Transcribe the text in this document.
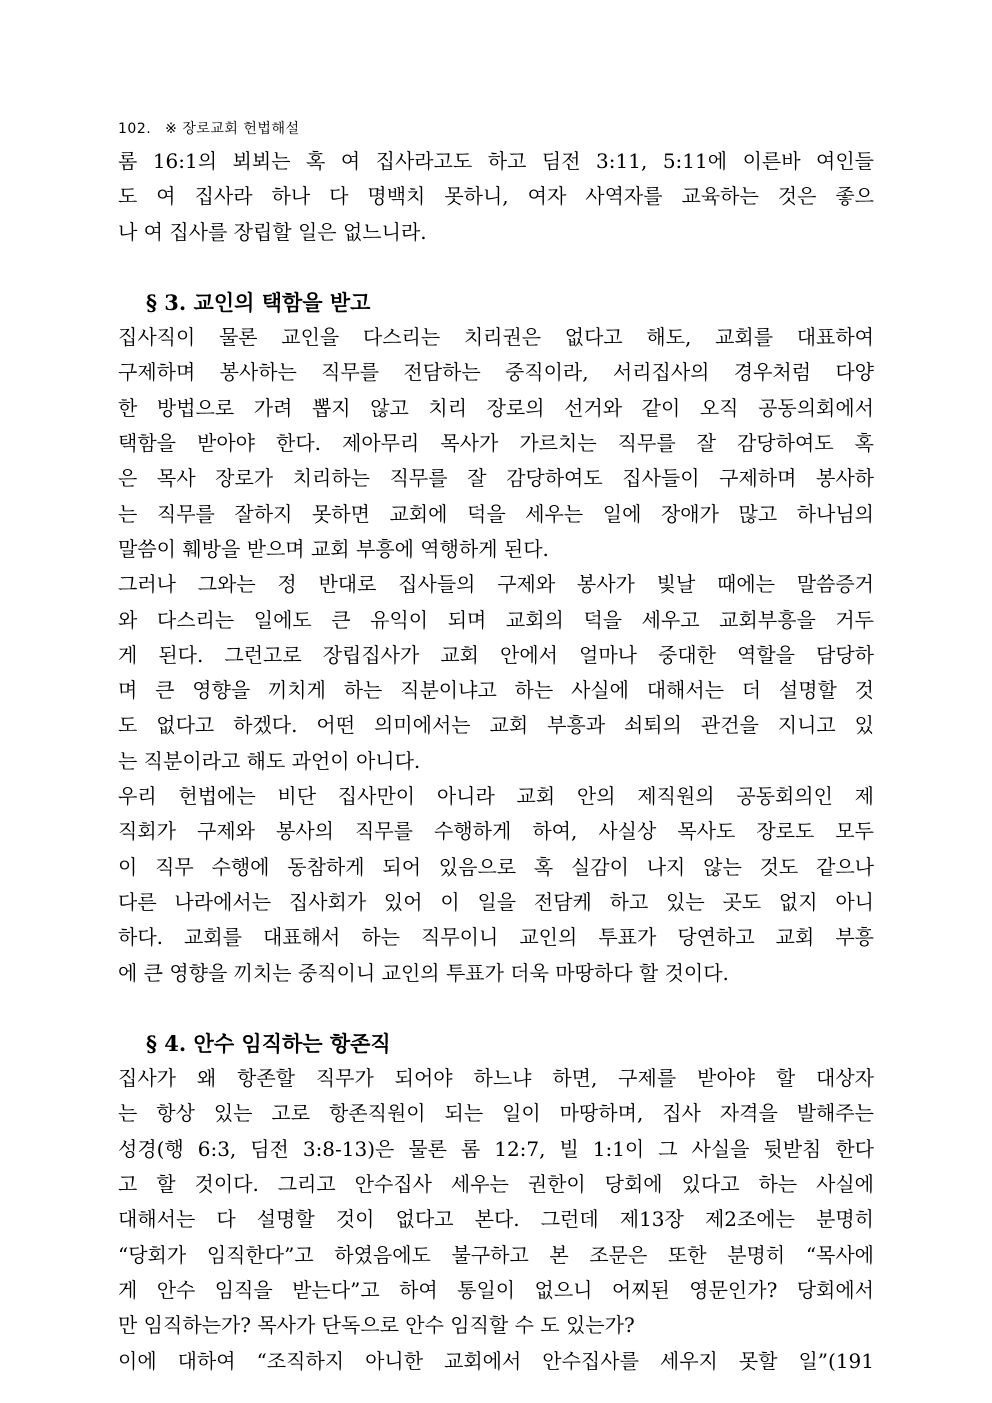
102. ※ 장로교회 헌법해설

롬 16:1의 뵈뵈는 혹 여 집사라고도 하고 딤전 3:11, 5:11에 이른바 여인들

도 여 집사라 하나 다 명백치 못하니, 여자 사역자를 교육하는 것은 좋으

나 여 집사를 장립할 일은 없느니라.

§ 3. 교인의 택함을 받고

집사직이 물론 교인을 다스리는 치리권은 없다고 해도, 교회를 대표하여

구제하며 봉사하는 직무를 전담하는 중직이라, 서리집사의 경우처럼 다양

한 방법으로 가려 뽑지 않고 치리 장로의 선거와 같이 오직 공동의회에서

택함을 받아야 한다. 제아무리 목사가 가르치는 직무를 잘 감당하여도 혹

은 목사 장로가 치리하는 직무를 잘 감당하여도 집사들이 구제하며 봉사하

는 직무를 잘하지 못하면 교회에 덕을 세우는 일에 장애가 많고 하나님의

말씀이 훼방을 받으며 교회 부흥에 역행하게 된다.

그러나 그와는 정 반대로 집사들의 구제와 봉사가 빛날 때에는 말씀증거

와 다스리는 일에도 큰 유익이 되며 교회의 덕을 세우고 교회부흥을 거두

게 된다. 그런고로 장립집사가 교회 안에서 얼마나 중대한 역할을 담당하

며 큰 영향을 끼치게 하는 직분이냐고 하는 사실에 대해서는 더 설명할 것

도 없다고 하겠다. 어떤 의미에서는 교회 부흥과 쇠퇴의 관건을 지니고 있

는 직분이라고 해도 과언이 아니다.

우리 헌법에는 비단 집사만이 아니라 교회 안의 제직원의 공동회의인 제

직회가 구제와 봉사의 직무를 수행하게 하여, 사실상 목사도 장로도 모두

이 직무 수행에 동참하게 되어 있음으로 혹 실감이 나지 않는 것도 같으나

다른 나라에서는 집사회가 있어 이 일을 전담케 하고 있는 곳도 없지 아니

하다. 교회를 대표해서 하는 직무이니 교인의 투표가 당연하고 교회 부흥

에 큰 영향을 끼치는 중직이니 교인의 투표가 더욱 마땅하다 할 것이다.

§ 4. 안수 임직하는 항존직

집사가 왜 항존할 직무가 되어야 하느냐 하면, 구제를 받아야 할 대상자

는 항상 있는 고로 항존직원이 되는 일이 마땅하며, 집사 자격을 발해주는

성경(행 6:3, 딤전 3:8-13)은 물론 롬 12:7, 빌 1:1이 그 사실을 뒷받침 한다

고 할 것이다. 그리고 안수집사 세우는 권한이 당회에 있다고 하는 사실에

대해서는 다 설명할 것이 없다고 본다. 그런데 제13장 제2조에는 분명히

“당회가 임직한다”고 하였음에도 불구하고 본 조문은 또한 분명히 “목사에

게 안수 임직을 받는다”고 하여 통일이 없으니 어찌된 영문인가? 당회에서

만 임직하는가? 목사가 단독으로 안수 임직할 수 도 있는가?

이에 대하여 “조직하지 아니한 교회에서 안수집사를 세우지 못할 일”(191
